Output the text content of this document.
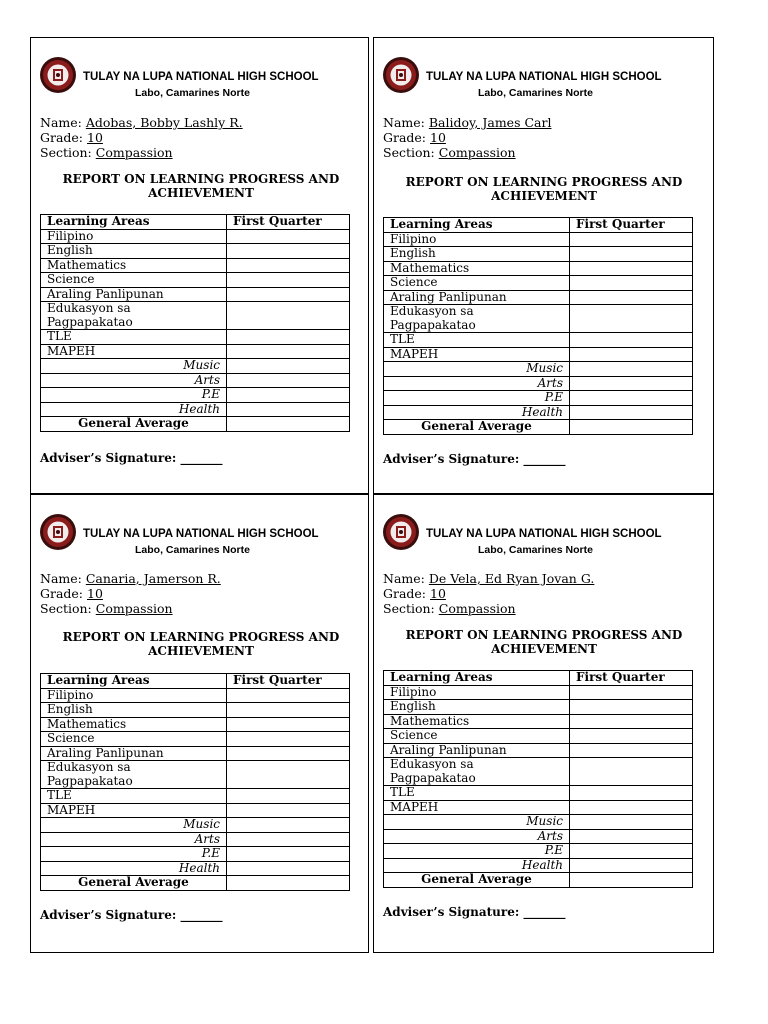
TULAY NA LUPA NATIONAL HIGH SCHOOL
Labo, Camarines Norte
Name: Adobas, Bobby Lashly R.
Grade: 10
Section: Compassion
REPORT ON LEARNING PROGRESS AND
ACHIEVEMENT
Learning Areas	First Quarter
Filipino	
English	
Mathematics	
Science	
Araling Panlipunan	
Edukasyon sa Pagpapakatao	
TLE	
MAPEH	
Music	
Arts	
P.E	
Health	
General Average	
Adviser’s Signature: _______
TULAY NA LUPA NATIONAL HIGH SCHOOL
Labo, Camarines Norte
Name: Balidoy, James Carl
Grade: 10
Section: Compassion
REPORT ON LEARNING PROGRESS AND
ACHIEVEMENT
Learning Areas	First Quarter
Filipino	
English	
Mathematics	
Science	
Araling Panlipunan	
Edukasyon sa Pagpapakatao	
TLE	
MAPEH	
Music	
Arts	
P.E	
Health	
General Average	
Adviser’s Signature: _______
TULAY NA LUPA NATIONAL HIGH SCHOOL
Labo, Camarines Norte
Name: Canaria, Jamerson R.
Grade: 10
Section: Compassion
REPORT ON LEARNING PROGRESS AND
ACHIEVEMENT
Learning Areas	First Quarter
Filipino	
English	
Mathematics	
Science	
Araling Panlipunan	
Edukasyon sa Pagpapakatao	
TLE	
MAPEH	
Music	
Arts	
P.E	
Health	
General Average	
Adviser’s Signature: _______
TULAY NA LUPA NATIONAL HIGH SCHOOL
Labo, Camarines Norte
Name: De Vela, Ed Ryan Jovan G.
Grade: 10
Section: Compassion
REPORT ON LEARNING PROGRESS AND
ACHIEVEMENT
Learning Areas	First Quarter
Filipino	
English	
Mathematics	
Science	
Araling Panlipunan	
Edukasyon sa Pagpapakatao	
TLE	
MAPEH	
Music	
Arts	
P.E	
Health	
General Average	
Adviser’s Signature: _______
